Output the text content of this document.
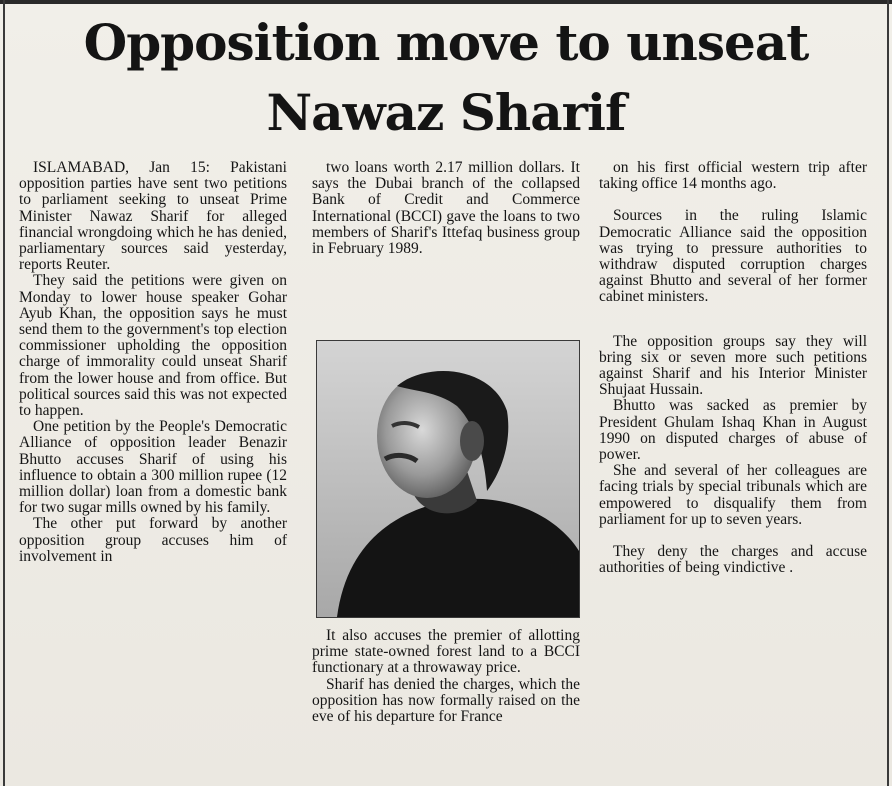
Opposition move to unseat
Nawaz Sharif

ISLAMABAD, Jan 15: Pakistani opposition parties have sent two petitions to parliament seeking to unseat Prime Minister Nawaz Sharif for alleged financial wrongdoing which he has denied, parliamentary sources said yesterday, reports Reuter.

They said the petitions were given on Monday to lower house speaker Gohar Ayub Khan, the opposition says he must send them to the government's top election commissioner upholding the opposition charge of immorality could unseat Sharif from the lower house and from office. But political sources said this was not expected to happen.

One petition by the People's Democratic Alliance of opposition leader Benazir Bhutto accuses Sharif of using his influence to obtain a 300 million rupee (12 million dollar) loan from a domestic bank for two sugar mills owned by his family.

The other put forward by another opposition group accuses him of involvement in

two loans worth 2.17 million dollars. It says the Dubai branch of the collapsed Bank of Credit and Commerce International (BCCI) gave the loans to two members of Sharif's Ittefaq business group in February 1989.

It also accuses the premier of allotting prime state-owned forest land to a BCCI functionary at a throwaway price.

Sharif has denied the charges, which the opposition has now formally raised on the eve of his departure for France

on his first official western trip after taking office 14 months ago.

Sources in the ruling Islamic Democratic Alliance said the opposition was trying to pressure authorities to withdraw disputed corruption charges against Bhutto and several of her former cabinet ministers.

The opposition groups say they will bring six or seven more such petitions against Sharif and his Interior Minister Shujaat Hussain.

Bhutto was sacked as premier by President Ghulam Ishaq Khan in August 1990 on disputed charges of abuse of power.

She and several of her colleagues are facing trials by special tribunals which are empowered to disqualify them from parliament for up to seven years.

They deny the charges and accuse authorities of being vindictive .
